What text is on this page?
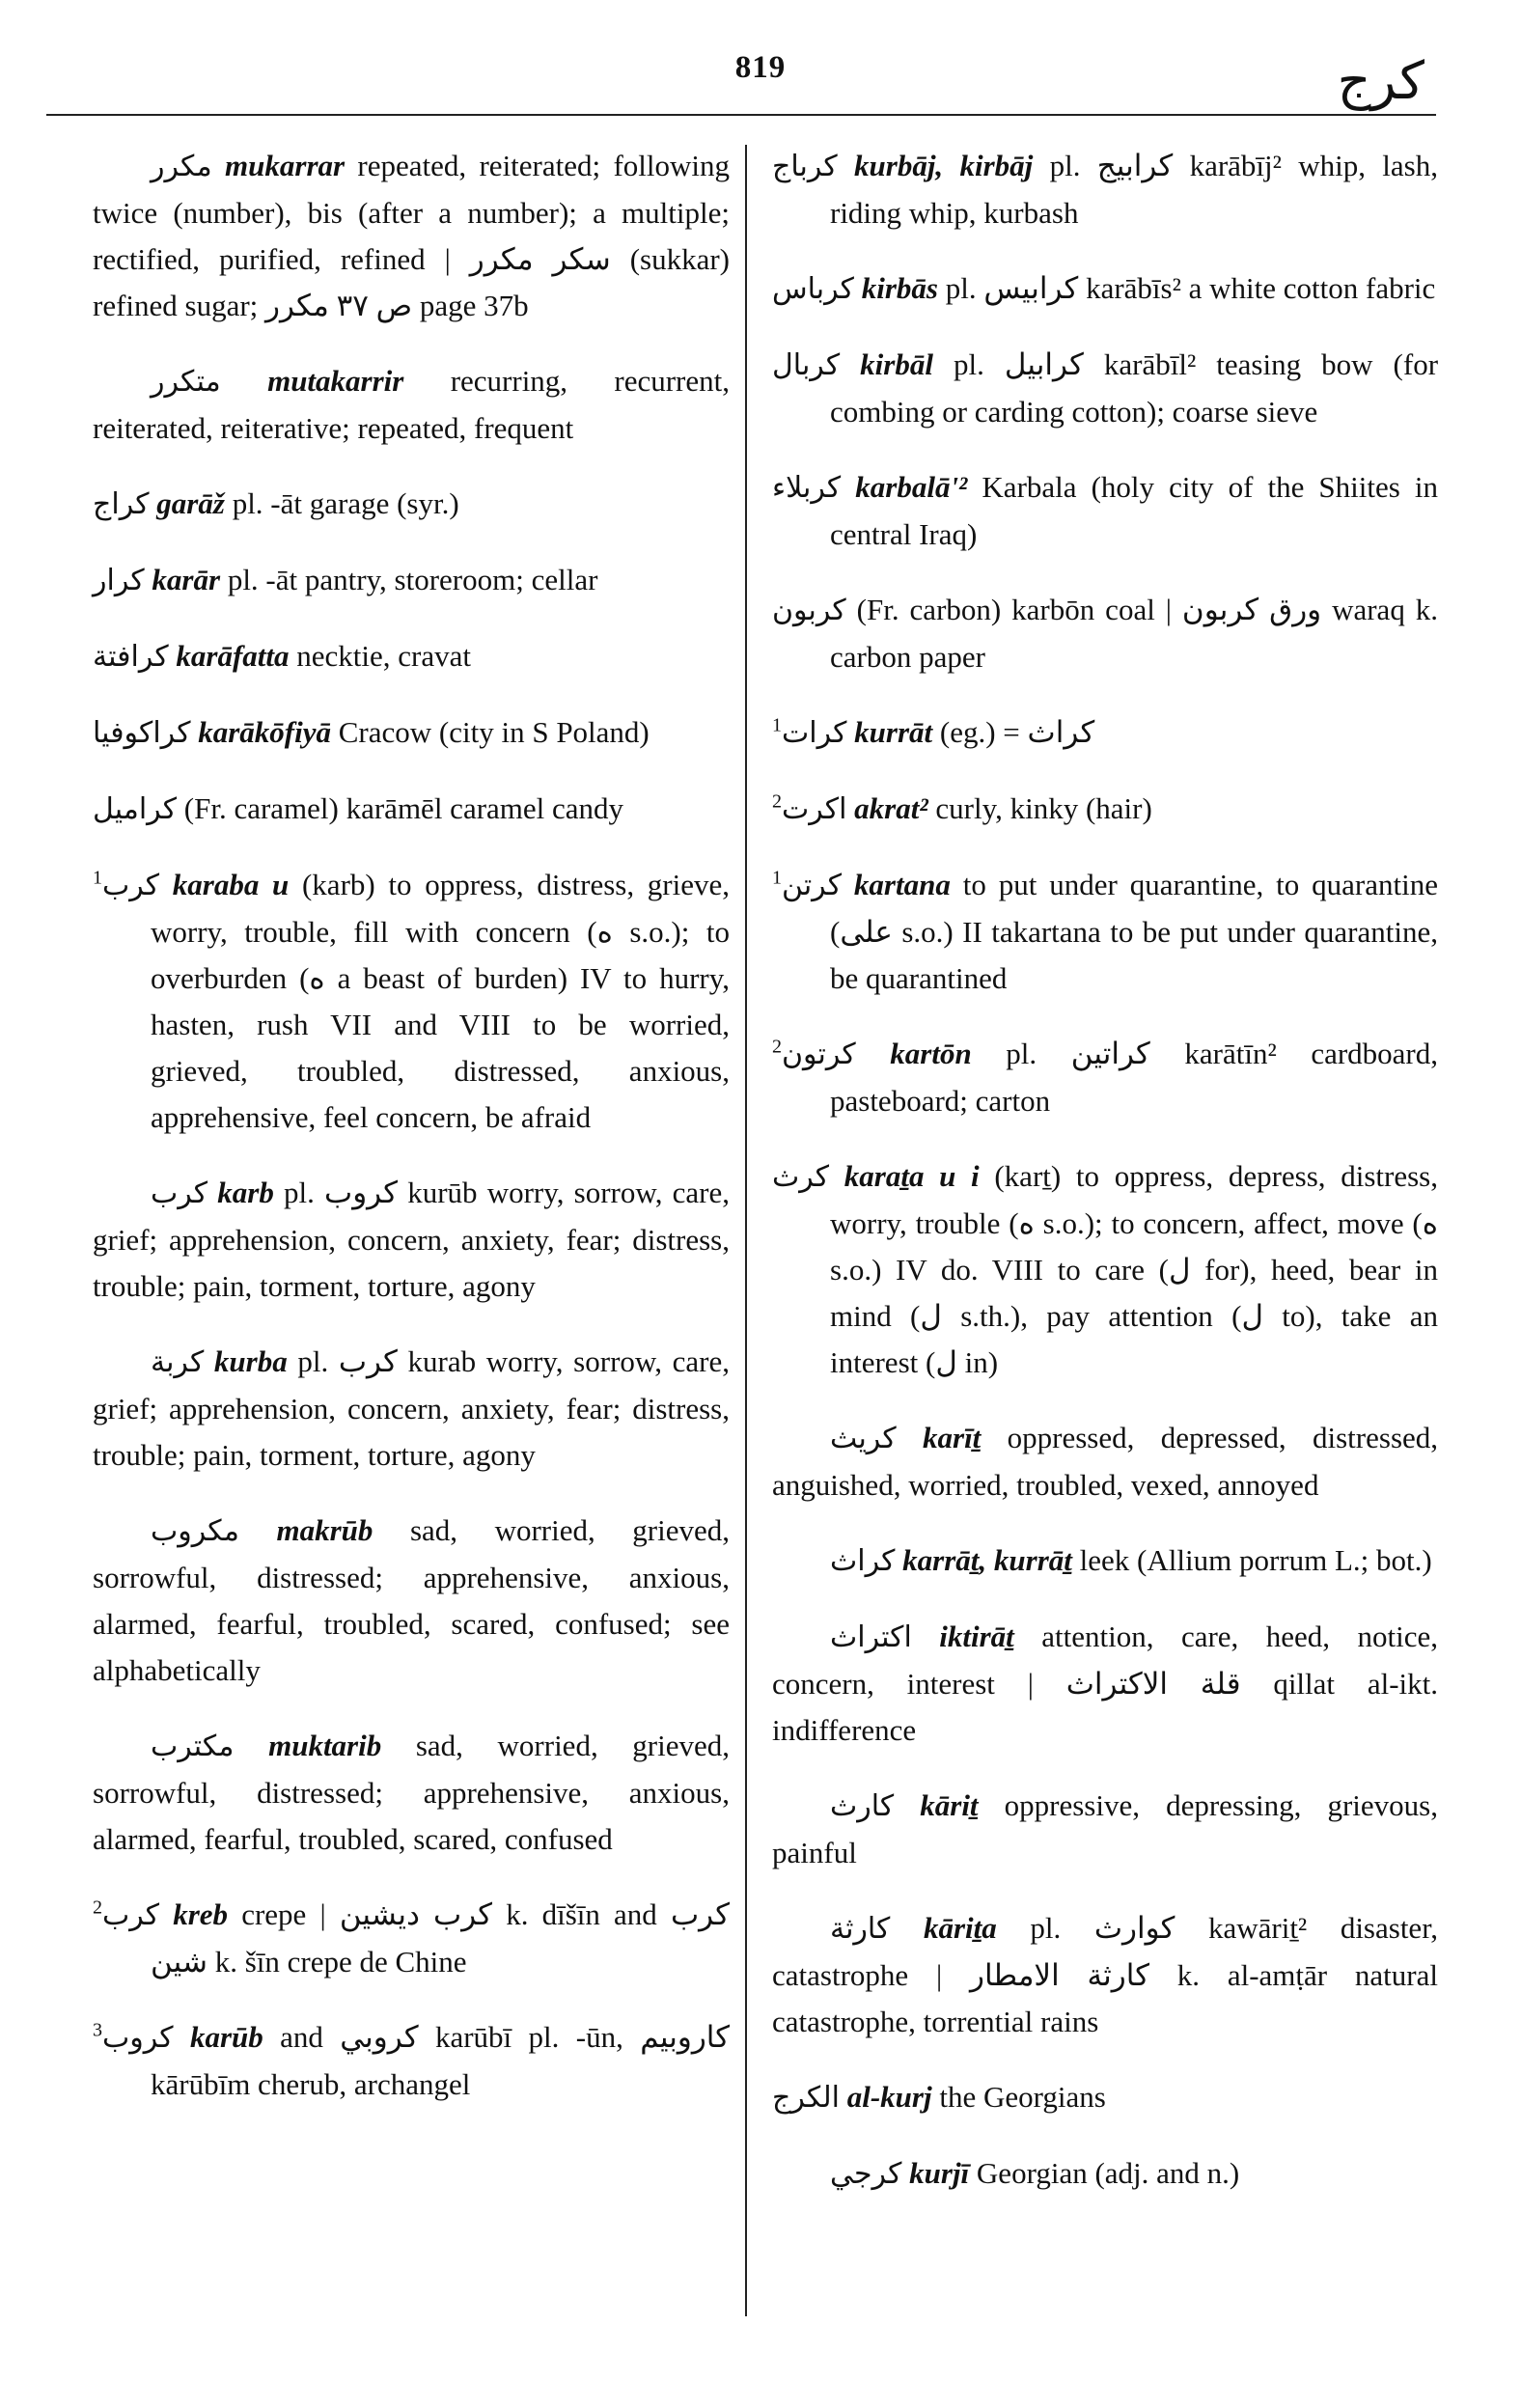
819	كرج
مكرر mukarrar repeated, reiterated; following twice (number), bis (after a number); a multiple; rectified, purified, refined | سكر مكرر (sukkar) refined sugar; ص ٣٧ مكرر page 37b
متكرر mutakarrir recurring, recurrent, reiterated, reiterative; repeated, frequent
كراج garāž pl. -āt garage (syr.)
كرار karār pl. -āt pantry, storeroom; cellar
كرافتة karāfatta necktie, cravat
كراكوفيا karākōfiyā Cracow (city in S Poland)
كراميل (Fr. caramel) karāmēl caramel candy
$^1$كرب karaba u (karb) to oppress, distress, grieve, worry, trouble, fill with concern (ه s.o.); to overburden (ه a beast of burden) IV to hurry, hasten, rush VII and VIII to be worried, grieved, troubled, distressed, anxious, apprehensive, feel concern, be afraid
كرب karb pl. كروب kurūb worry, sorrow, care, grief; apprehension, concern, anxiety, fear; distress, trouble; pain, torment, torture, agony
كربة kurba pl. كرب kurab worry, sorrow, care, grief; apprehension, concern, anxiety, fear; distress, trouble; pain, torment, torture, agony
مكروب makrūb sad, worried, grieved, sorrowful, distressed; apprehensive, anxious, alarmed, fearful, troubled, scared, confused; see alphabetically
مكترب muktarib sad, worried, grieved, sorrowful, distressed; apprehensive, anxious, alarmed, fearful, troubled, scared, confused
$^2$كرب kreb crepe | كرب ديشين k. dīšīn and كرب شين k. šīn crepe de Chine
$^3$كروب karūb and كروبي karūbī pl. -ūn, كاروبيم kārūbīm cherub, archangel
كرباج kurbāj, kirbāj pl. كرابيج karābīj² whip, lash, riding whip, kurbash
كرباس kirbās pl. كرابيس karābīs² a white cotton fabric
كربال kirbāl pl. كرابيل karābīl² teasing bow (for combing or carding cotton); coarse sieve
كربلاء karbalā'² Karbala (holy city of the Shiites in central Iraq)
كربون (Fr. carbon) karbōn coal | ورق كربون waraq k. carbon paper
$^1$كرات kurrāt (eg.) = كراث
$^2$اكرت akrat² curly, kinky (hair)
$^1$كرتن kartana to put under quarantine, to quarantine (على s.o.) II takartana to be put under quarantine, be quarantined
$^2$كرتون kartōn pl. كراتين karātīn² cardboard, pasteboard; carton
كرث karaṯa u i (karṯ) to oppress, depress, distress, worry, trouble (ه s.o.); to concern, affect, move (ه s.o.) IV do. VIII to care (ل for), heed, bear in mind (ل s.th.), pay attention (ل to), take an interest (ل in)
كريث karīṯ oppressed, depressed, distressed, anguished, worried, troubled, vexed, annoyed
كراث karrāṯ, kurrāṯ leek (Allium porrum L.; bot.)
اكتراث iktirāṯ attention, care, heed, notice, concern, interest | قلة الاكتراث qillat al-ikt. indifference
كارث kāriṯ oppressive, depressing, grievous, painful
كارثة kāriṯa pl. كوارث kawāriṯ² disaster, catastrophe | كارثة الامطار k. al-amṭār natural catastrophe, torrential rains
الكرج al-kurj the Georgians
كرجي kurjī Georgian (adj. and n.)
